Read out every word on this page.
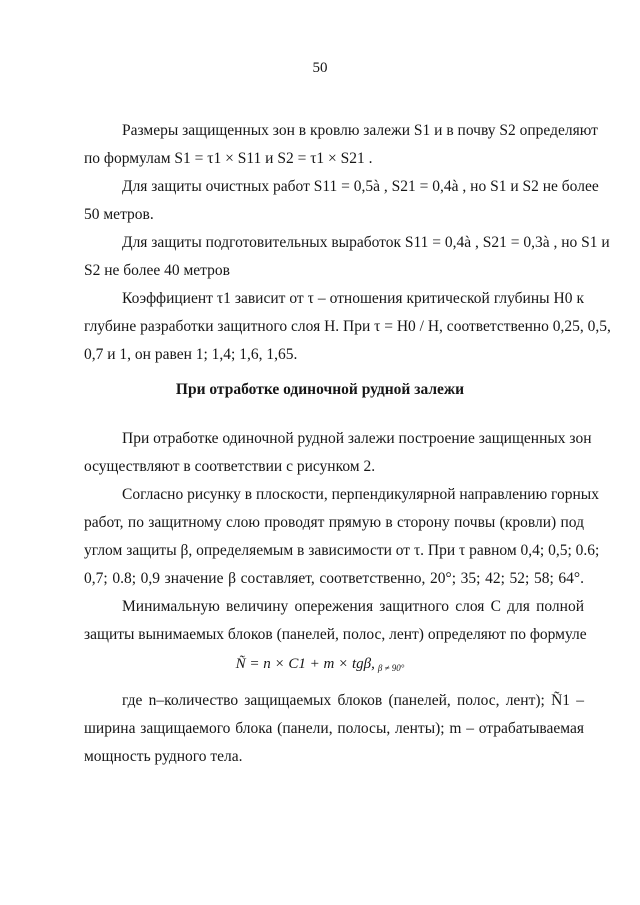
50
Размеры защищенных зон в кровлю залежи S1 и в почву S2 определяют
по формулам S1 = τ1 × S11 и S2 = τ1 × S21 .
Для защиты очистных работ S11 = 0,5à , S21 = 0,4à , но S1 и S2 не более
50 метров.
Для защиты подготовительных выработок S11 = 0,4à , S21 = 0,3à , но S1 и
S2 не более 40 метров
Коэффициент τ1 зависит от τ – отношения критической глубины H0 к
глубине разработки защитного слоя H. При τ = H0 / H, соответственно 0,25, 0,5,
0,7 и 1, он равен 1; 1,4; 1,6, 1,65.
При отработке одиночной рудной залежи
При отработке одиночной рудной залежи построение защищенных зон
осуществляют в соответствии с рисунком 2.
Согласно рисунку в плоскости, перпендикулярной направлению горных
работ, по защитному слою проводят прямую в сторону почвы (кровли) под
углом защиты β, определяемым в зависимости от τ. При τ равном 0,4; 0,5; 0.6;
0,7; 0.8; 0,9 значение β составляет, соответственно, 20°; 35; 42; 52; 58; 64°.
Минимальную величину опережения защитного слоя C для полной
защиты вынимаемых блоков (панелей, полос, лент) определяют по формуле
Ñ = n × C1 + m × tgβ, $_{\beta \ne 90^\circ}$
где n–количество защищаемых блоков (панелей, полос, лент); Ñ1 –
ширина защищаемого блока (панели, полосы, ленты); m – отрабатываемая
мощность рудного тела.
